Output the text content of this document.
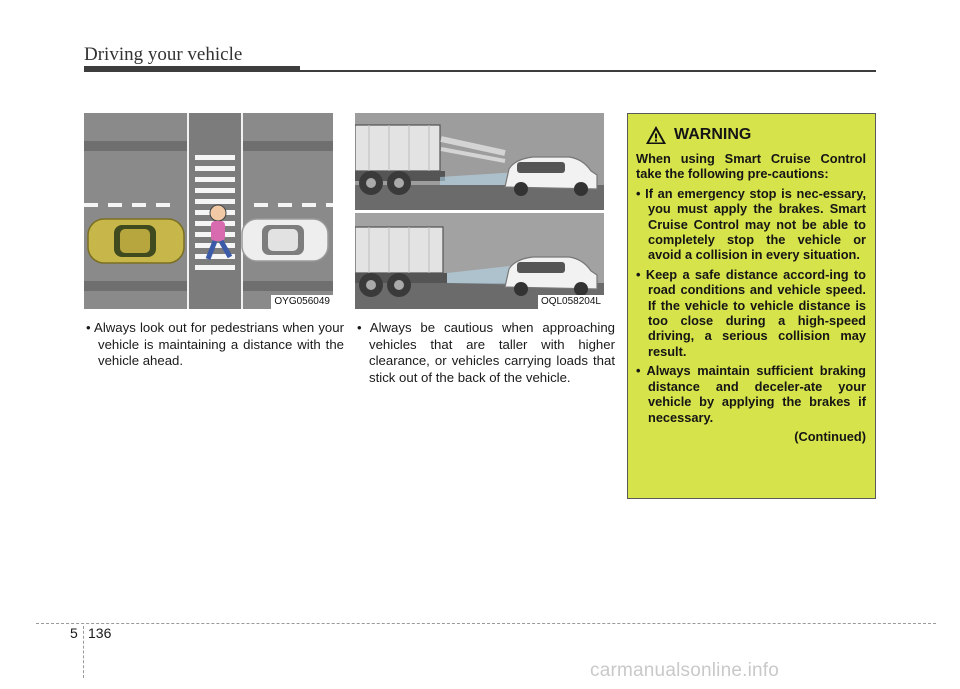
Driving your vehicle
OYG056049	OQL058204L
• Always look out for pedestrians when your vehicle is maintaining a distance with the vehicle ahead.
• Always be cautious when approaching vehicles that are taller with higher clearance, or vehicles carrying loads that stick out of the back of the vehicle.
WARNING

When using Smart Cruise Control take the following pre-cautions:

• If an emergency stop is nec-essary, you must apply the brakes. Smart Cruise Control may not be able to completely stop the vehicle or avoid a collision in every situation.

• Keep a safe distance accord-ing to road conditions and vehicle speed. If the vehicle to vehicle distance is too close during a high-speed driving, a serious collision may result.

• Always maintain sufficient braking distance and deceler-ate your vehicle by applying the brakes if necessary.

(Continued)
5 136
carmanualsonline.info
